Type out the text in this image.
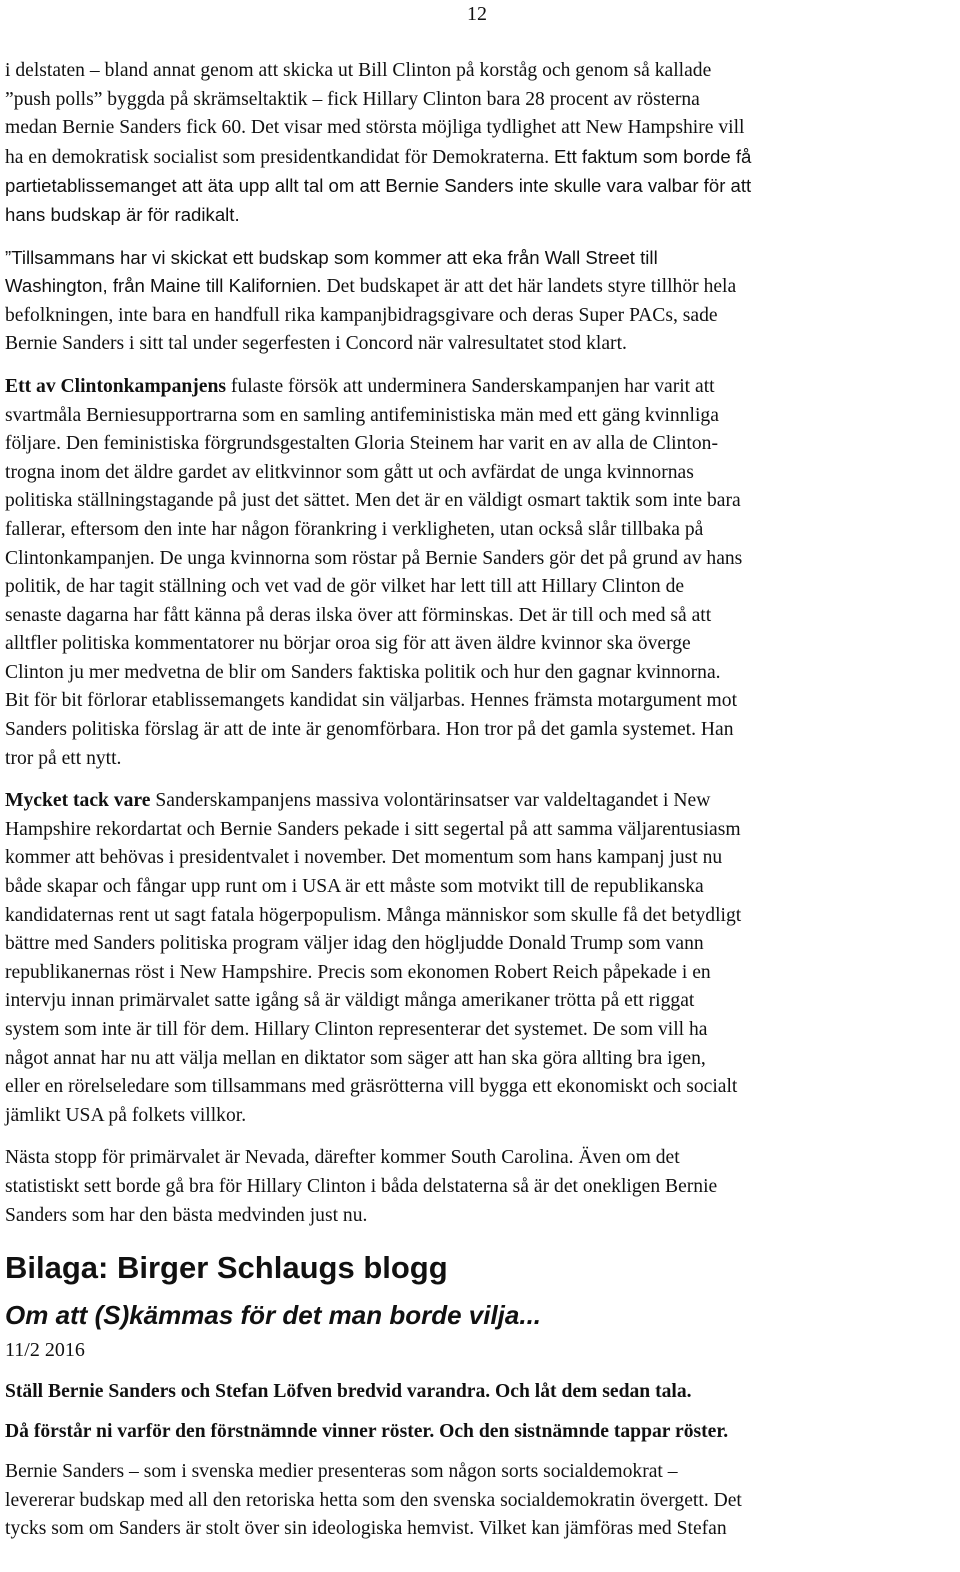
12

i delstaten – bland annat genom att skicka ut Bill Clinton på korståg och genom så kallade
”push polls” byggda på skrämseltaktik – fick Hillary Clinton bara 28 procent av rösterna
medan Bernie Sanders fick 60. Det visar med största möjliga tydlighet att New Hampshire vill
ha en demokratisk socialist som presidentkandidat för Demokraterna. Ett faktum som borde få
partietablissemanget att äta upp allt tal om att Bernie Sanders inte skulle vara valbar för att
hans budskap är för radikalt.

”Tillsammans har vi skickat ett budskap som kommer att eka från Wall Street till
Washington, från Maine till Kalifornien. Det budskapet är att det här landets styre tillhör hela
befolkningen, inte bara en handfull rika kampanjbidragsgivare och deras Super PACs, sade
Bernie Sanders i sitt tal under segerfesten i Concord när valresultatet stod klart.

Ett av Clintonkampanjens fulaste försök att underminera Sanderskampanjen har varit att
svartmåla Berniesupportrarna som en samling antifeministiska män med ett gäng kvinnliga
följare. Den feministiska förgrundsgestalten Gloria Steinem har varit en av alla de Clinton-
trogna inom det äldre gardet av elitkvinnor som gått ut och avfärdat de unga kvinnornas
politiska ställningstagande på just det sättet. Men det är en väldigt osmart taktik som inte bara
fallerar, eftersom den inte har någon förankring i verkligheten, utan också slår tillbaka på
Clintonkampanjen. De unga kvinnorna som röstar på Bernie Sanders gör det på grund av hans
politik, de har tagit ställning och vet vad de gör vilket har lett till att Hillary Clinton de
senaste dagarna har fått känna på deras ilska över att förminskas. Det är till och med så att
alltfler politiska kommentatorer nu börjar oroa sig för att även äldre kvinnor ska överge
Clinton ju mer medvetna de blir om Sanders faktiska politik och hur den gagnar kvinnorna.
Bit för bit förlorar etablissemangets kandidat sin väljarbas. Hennes främsta motargument mot
Sanders politiska förslag är att de inte är genomförbara. Hon tror på det gamla systemet. Han
tror på ett nytt.

Mycket tack vare Sanderskampanjens massiva volontärinsatser var valdeltagandet i New
Hampshire rekordartat och Bernie Sanders pekade i sitt segertal på att samma väljarentusiasm
kommer att behövas i presidentvalet i november. Det momentum som hans kampanj just nu
både skapar och fångar upp runt om i USA är ett måste som motvikt till de republikanska
kandidaternas rent ut sagt fatala högerpopulism. Många människor som skulle få det betydligt
bättre med Sanders politiska program väljer idag den högljudde Donald Trump som vann
republikanernas röst i New Hampshire. Precis som ekonomen Robert Reich påpekade i en
intervju innan primärvalet satte igång så är väldigt många amerikaner trötta på ett riggat
system som inte är till för dem. Hillary Clinton representerar det systemet. De som vill ha
något annat har nu att välja mellan en diktator som säger att han ska göra allting bra igen,
eller en rörelseledare som tillsammans med gräsrötterna vill bygga ett ekonomiskt och socialt
jämlikt USA på folkets villkor.

Nästa stopp för primärvalet är Nevada, därefter kommer South Carolina. Även om det
statistiskt sett borde gå bra för Hillary Clinton i båda delstaterna så är det onekligen Bernie
Sanders som har den bästa medvinden just nu.

Bilaga: Birger Schlaugs blogg
Om att (S)kämmas för det man borde vilja...
11/2 2016
Ställ Bernie Sanders och Stefan Löfven bredvid varandra. Och låt dem sedan tala.
Då förstår ni varför den förstnämnde vinner röster. Och den sistnämnde tappar röster.

Bernie Sanders – som i svenska medier presenteras som någon sorts socialdemokrat –
levererar budskap med all den retoriska hetta som den svenska socialdemokratin övergett. Det
tycks som om Sanders är stolt över sin ideologiska hemvist. Vilket kan jämföras med Stefan
